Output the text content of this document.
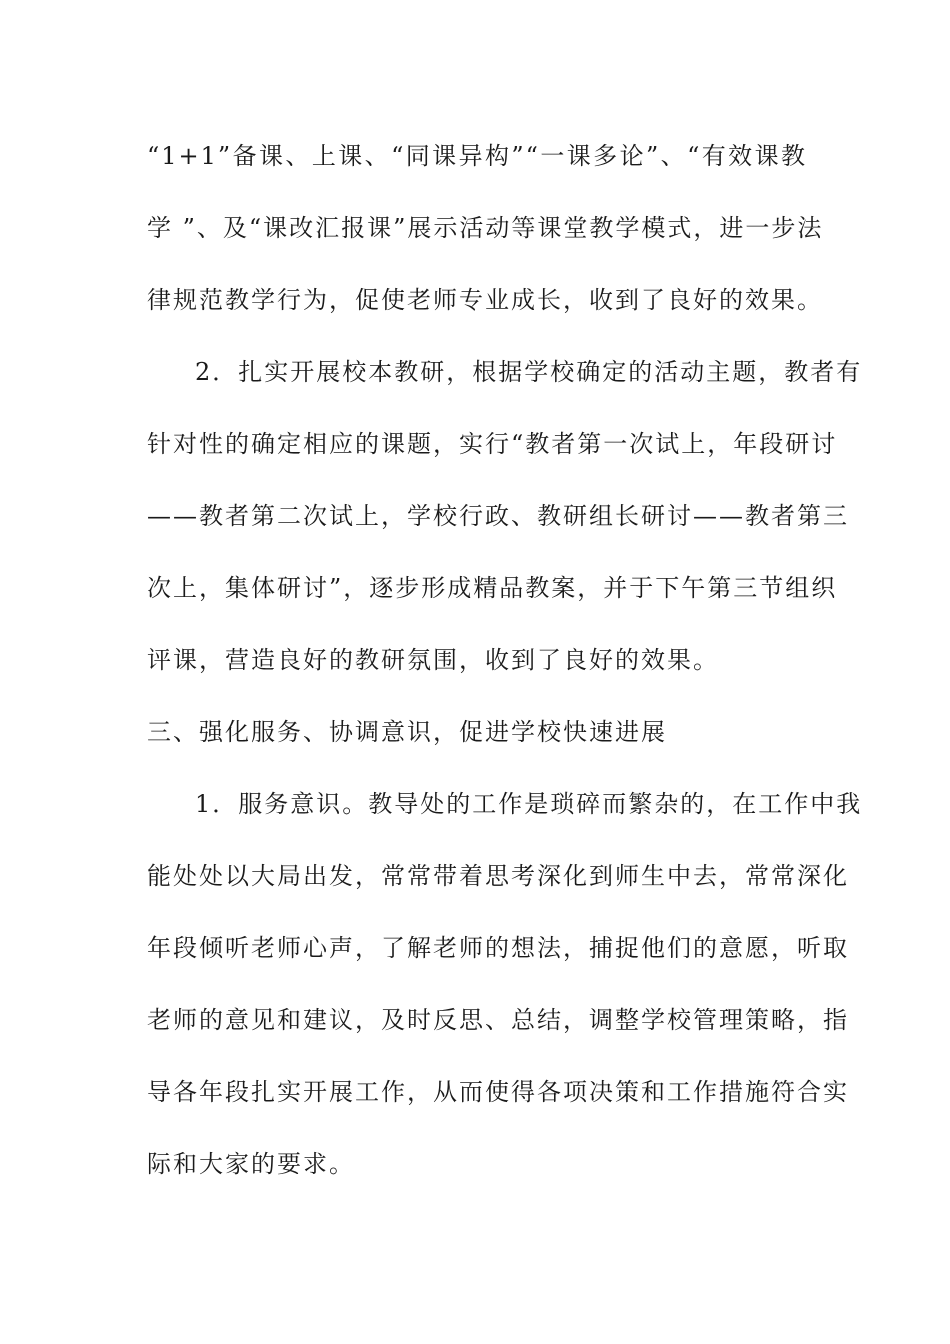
“1+1”备课、上课、“同课异构”“一课多论”、“有效课教
学 ”、及“课改汇报课”展示活动等课堂教学模式，进一步法
律规范教学行为，促使老师专业成长，收到了良好的效果。
2．扎实开展校本教研，根据学校确定的活动主题，教者有
针对性的确定相应的课题，实行“教者第一次试上，年段研讨
——教者第二次试上，学校行政、教研组长研讨——教者第三
次上，集体研讨”，逐步形成精品教案，并于下午第三节组织
评课，营造良好的教研氛围，收到了良好的效果。
三、强化服务、协调意识，促进学校快速进展
1．服务意识。教导处的工作是琐碎而繁杂的，在工作中我
能处处以大局出发，常常带着思考深化到师生中去，常常深化
年段倾听老师心声，了解老师的想法，捕捉他们的意愿，听取
老师的意见和建议，及时反思、总结，调整学校管理策略，指
导各年段扎实开展工作，从而使得各项决策和工作措施符合实
际和大家的要求。
